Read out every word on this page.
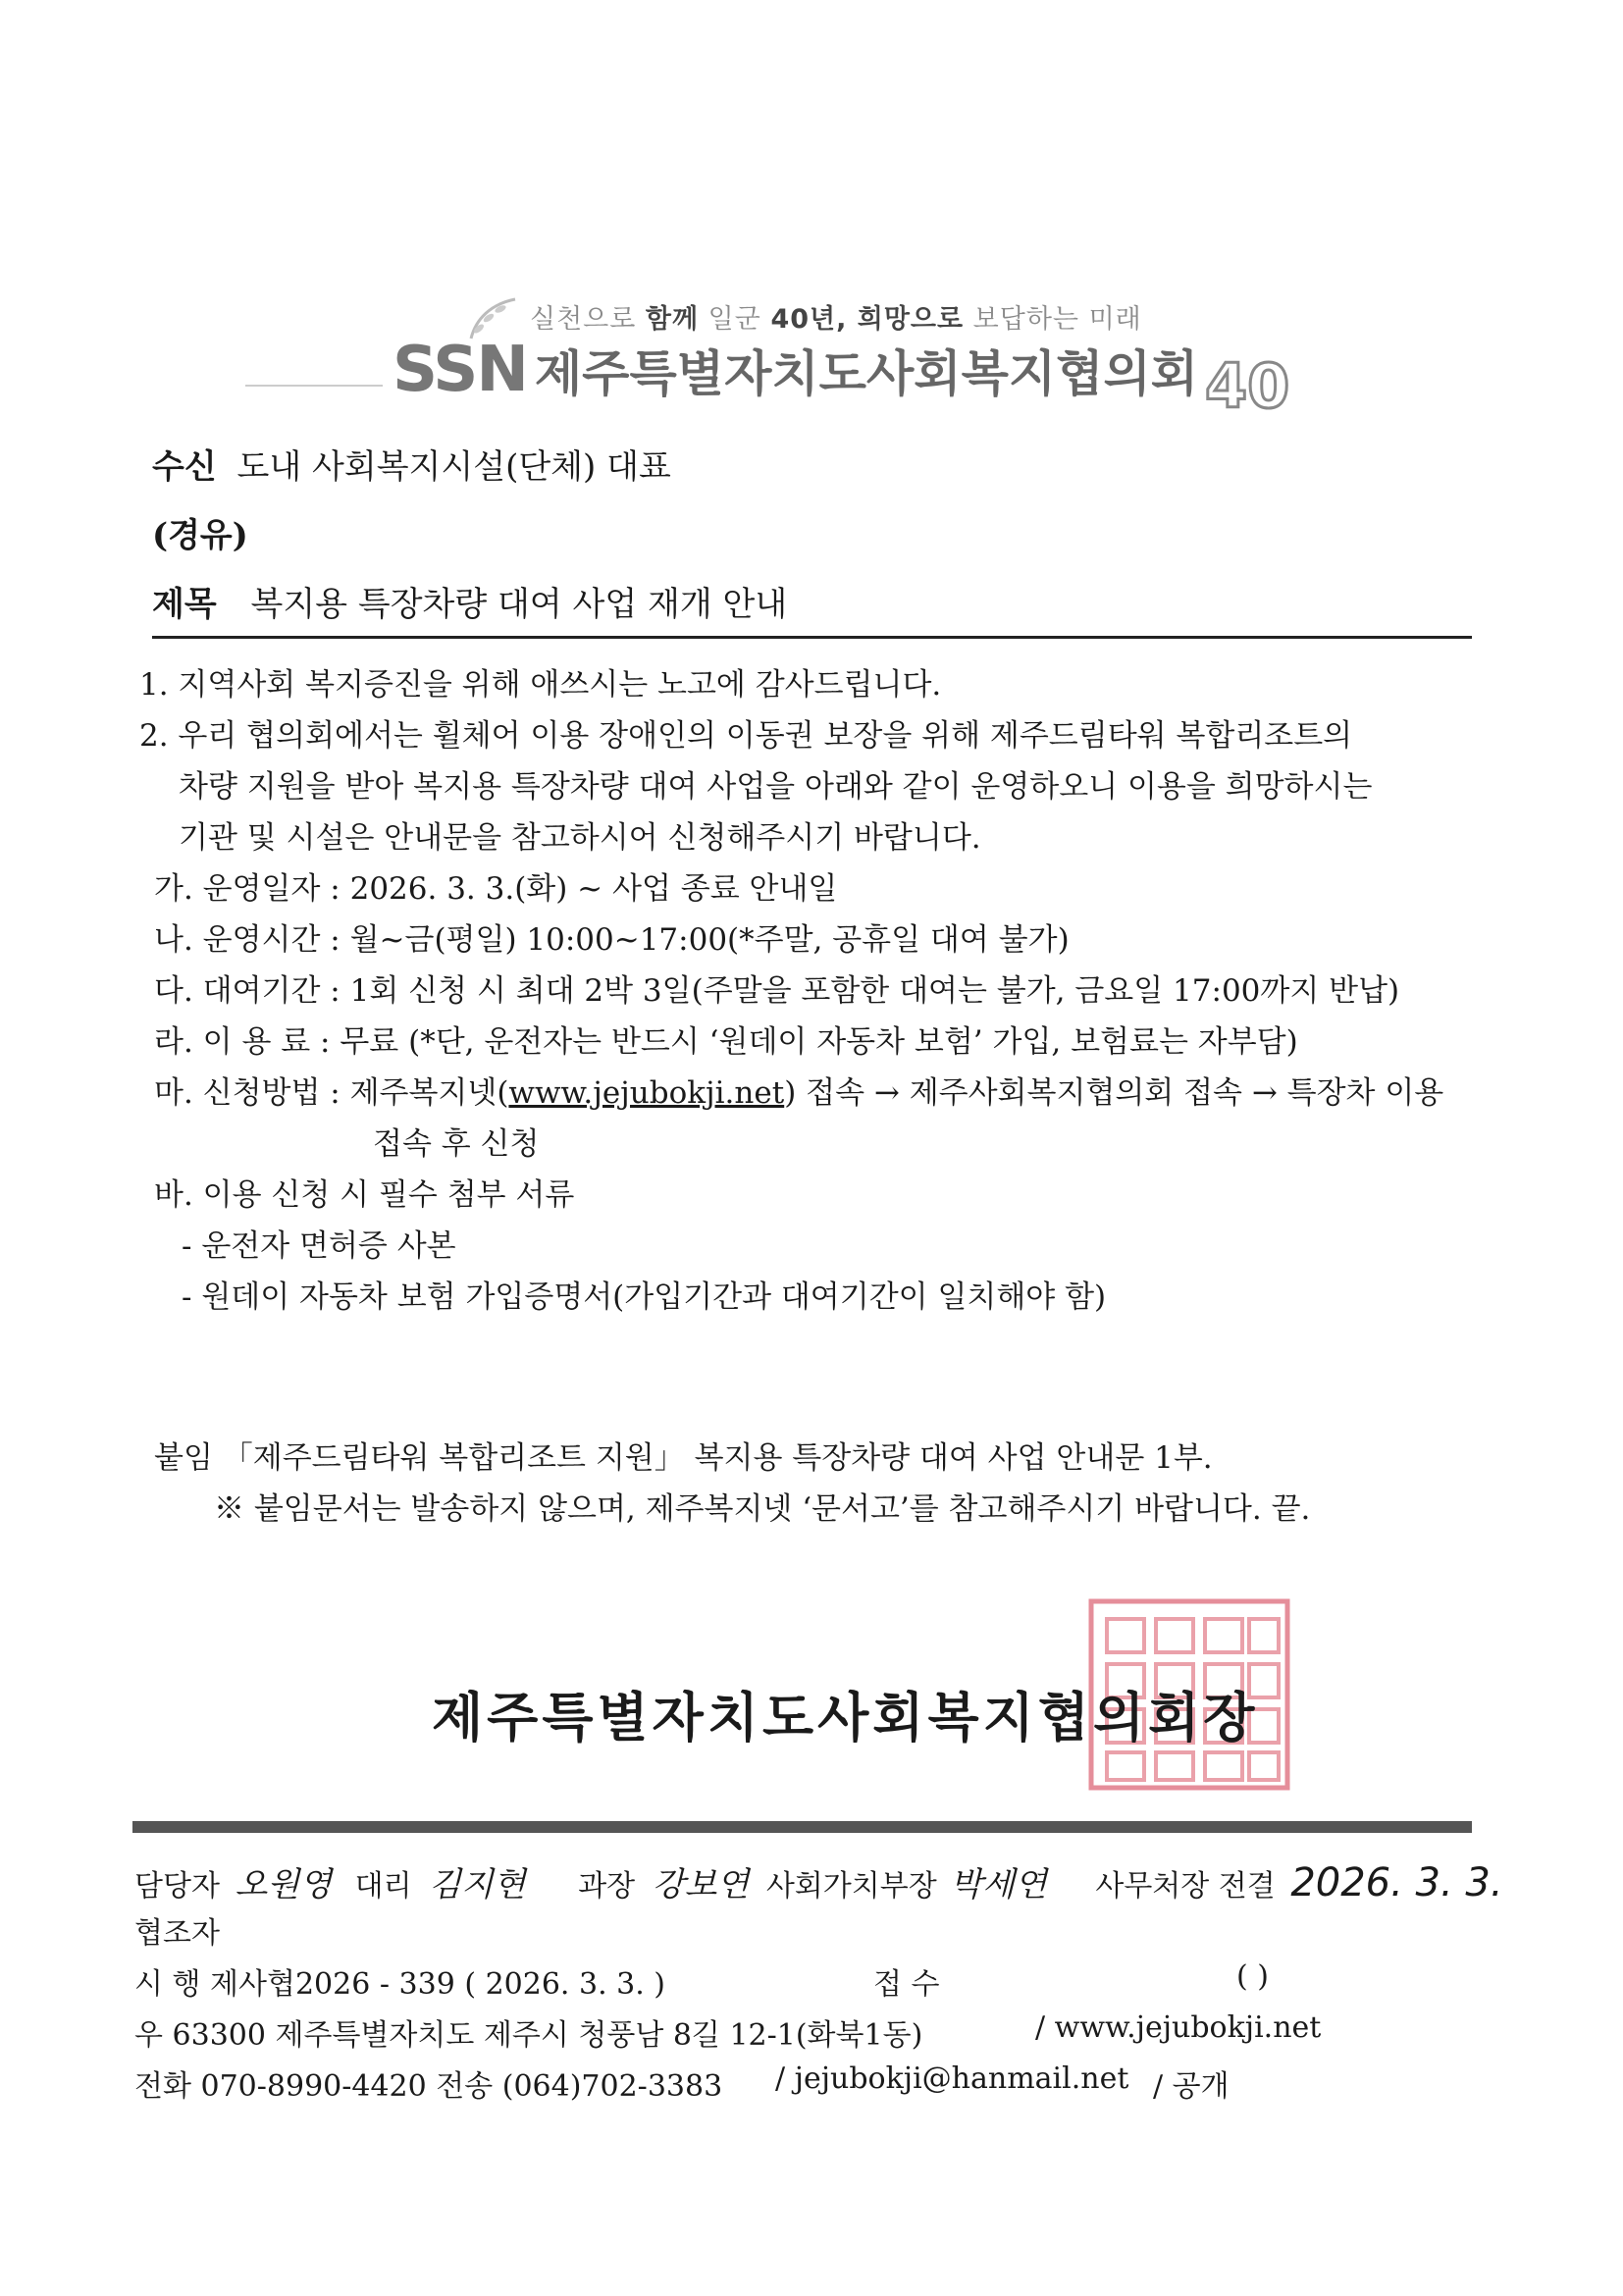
실천으로 함께 일군 40년, 희망으로 보답하는 미래
SSN 제주특별자치도사회복지협의회 40
수신 도내 사회복지시설(단체) 대표
(경유)
제목 복지용 특장차량 대여 사업 재개 안내
1. 지역사회 복지증진을 위해 애쓰시는 노고에 감사드립니다.
2. 우리 협의회에서는 휠체어 이용 장애인의 이동권 보장을 위해 제주드림타워 복합리조트의
차량 지원을 받아 복지용 특장차량 대여 사업을 아래와 같이 운영하오니 이용을 희망하시는
기관 및 시설은 안내문을 참고하시어 신청해주시기 바랍니다.
가. 운영일자 : 2026. 3. 3.(화) ~ 사업 종료 안내일
나. 운영시간 : 월~금(평일) 10:00~17:00(*주말, 공휴일 대여 불가)
다. 대여기간 : 1회 신청 시 최대 2박 3일(주말을 포함한 대여는 불가, 금요일 17:00까지 반납)
라. 이 용 료 : 무료 (*단, 운전자는 반드시 ‘원데이 자동차 보험’ 가입, 보험료는 자부담)
마. 신청방법 : 제주복지넷(www.jejubokji.net) 접속 → 제주사회복지협의회 접속 → 특장차 이용
접속 후 신청
바. 이용 신청 시 필수 첨부 서류
- 운전자 면허증 사본
- 원데이 자동차 보험 가입증명서(가입기간과 대여기간이 일치해야 함)
붙임 「제주드림타워 복합리조트 지원」 복지용 특장차량 대여 사업 안내문 1부.
※ 붙임문서는 발송하지 않으며, 제주복지넷 ‘문서고’를 참고해주시기 바랍니다. 끝.
제주특별자치도사회복지협의회장
담당자 오원영 대리 김지현 과장 강보연 사회가치부장 박세연 사무처장 전결 2026. 3. 3.
협조자
시 행 제사협2026 - 339 ( 2026. 3. 3. )	접 수	( )
우 63300 제주특별자치도 제주시 청풍남 8길 12-1(화북1동)	/ www.jejubokji.net
전화 070-8990-4420 전송 (064)702-3383 / jejubokji@hanmail.net / 공개
